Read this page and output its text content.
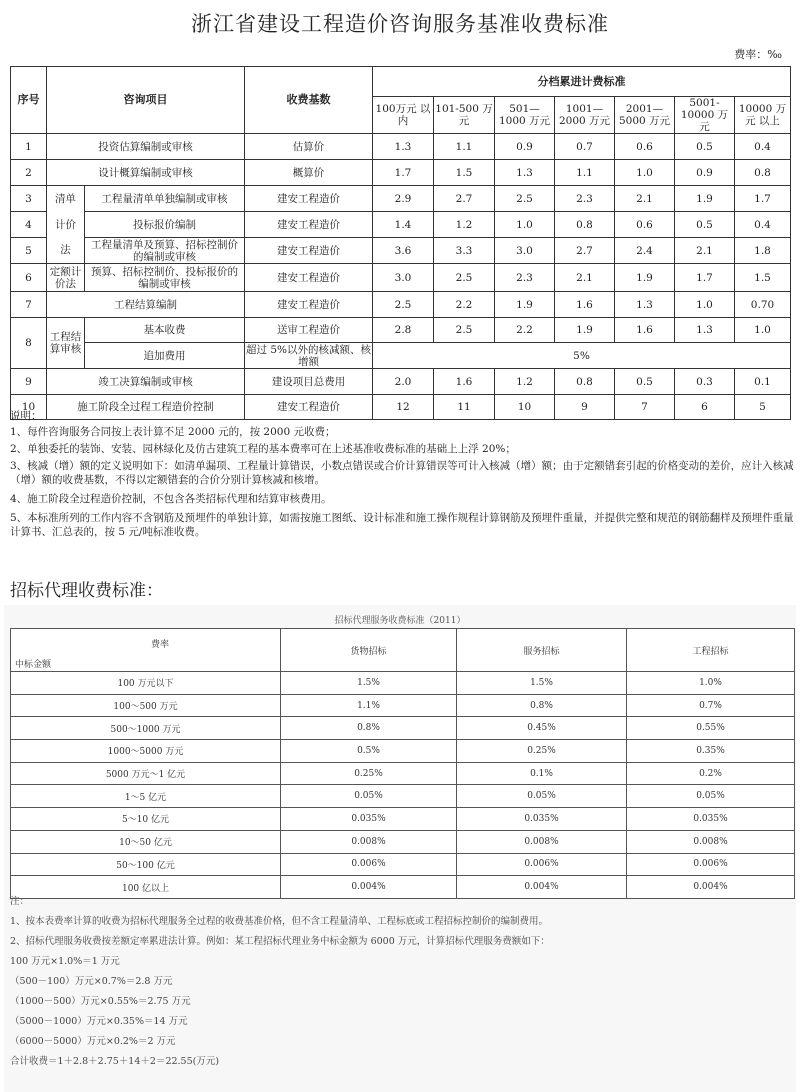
浙江省建设工程造价咨询服务基准收费标准
费率：‰
序号	咨询项目		收费基数	分档累进计费标准						
				100万元 以内	101-500 万元	501—1000 万元	1001—2000 万元	2001—5000 万元	5001-10000 万元	10000 万元 以上
1	投资估算编制或审核		估算价	1.3	1.1	0.9	0.7	0.6	0.5	0.4
2	设计概算编制或审核		概算价	1.7	1.5	1.3	1.1	1.0	0.9	0.8
3	清单	工程量清单单独编制或审核	建安工程造价	2.9	2.7	2.5	2.3	2.1	1.9	1.7
4	计价	投标报价编制	建安工程造价	1.4	1.2	1.0	0.8	0.6	0.5	0.4
5	法	工程量清单及预算、招标控制价的编制或审核	建安工程造价	3.6	3.3	3.0	2.7	2.4	2.1	1.8
6	定额计价法	预算、招标控制价、投标报价的编制或审核	建安工程造价	3.0	2.5	2.3	2.1	1.9	1.7	1.5
7	工程结算编制		建安工程造价	2.5	2.2	1.9	1.6	1.3	1.0	0.70
8	工程结算审核	基本收费	送审工程造价	2.8	2.5	2.2	1.9	1.6	1.3	1.0
		追加费用	超过 5%以外的核减额、核增额	5%						
9	竣工决算编制或审核		建设项目总费用	2.0	1.6	1.2	0.8	0.5	0.3	0.1
10	施工阶段全过程工程造价控制		建安工程造价	12	11	10	9	7	6	5

说明：

1、每件咨询服务合同按上表计算不足 2000 元的，按 2000 元收费；

2、单独委托的装饰、安装、园林绿化及仿古建筑工程的基本费率可在上述基准收费标准的基础上上浮 20%；

3、核减（增）额的定义说明如下：如清单漏项、工程量计算错误，小数点错误或合价计算错误等可计入核减（增）额；由于定额错套引起的价格变动的差价，应计入核减（增）额的收费基数，不得以定额错套的合价分别计算核减和核增。

4、施工阶段全过程造价控制，不包含各类招标代理和结算审核费用。

5、本标准所列的工作内容不含钢筋及预埋件的单独计算，如需按施工图纸、设计标准和施工操作规程计算钢筋及预埋件重量，并提供完整和规范的钢筋翻样及预埋件重量计算书、汇总表的，按 5 元/吨标准收费。

招标代理收费标准：
招标代理服务收费标准（2011）
费率
中标金额	货物招标	服务招标	工程招标
100 万元以下	1.5%	1.5%	1.0%
100～500 万元	1.1%	0.8%	0.7%
500～1000 万元	0.8%	0.45%	0.55%
1000～5000 万元	0.5%	0.25%	0.35%
5000 万元～1 亿元	0.25%	0.1%	0.2%
1～5 亿元	0.05%	0.05%	0.05%
5～10 亿元	0.035%	0.035%	0.035%
10～50 亿元	0.008%	0.008%	0.008%
50～100 亿元	0.006%	0.006%	0.006%
100 亿以上	0.004%	0.004%	0.004%

注：

1、按本表费率计算的收费为招标代理服务全过程的收费基准价格，但不含工程量清单、工程标底或工程招标控制价的编制费用。

2、招标代理服务收费按差额定率累进法计算。例如：某工程招标代理业务中标金额为 6000 万元，计算招标代理服务费额如下：

100 万元×1.0%＝1 万元

（500－100）万元×0.7%＝2.8 万元

（1000－500）万元×0.55%＝2.75 万元

（5000－1000）万元×0.35%＝14 万元

（6000－5000）万元×0.2%＝2 万元

合计收费＝1＋2.8＋2.75＋14＋2＝22.55(万元)
